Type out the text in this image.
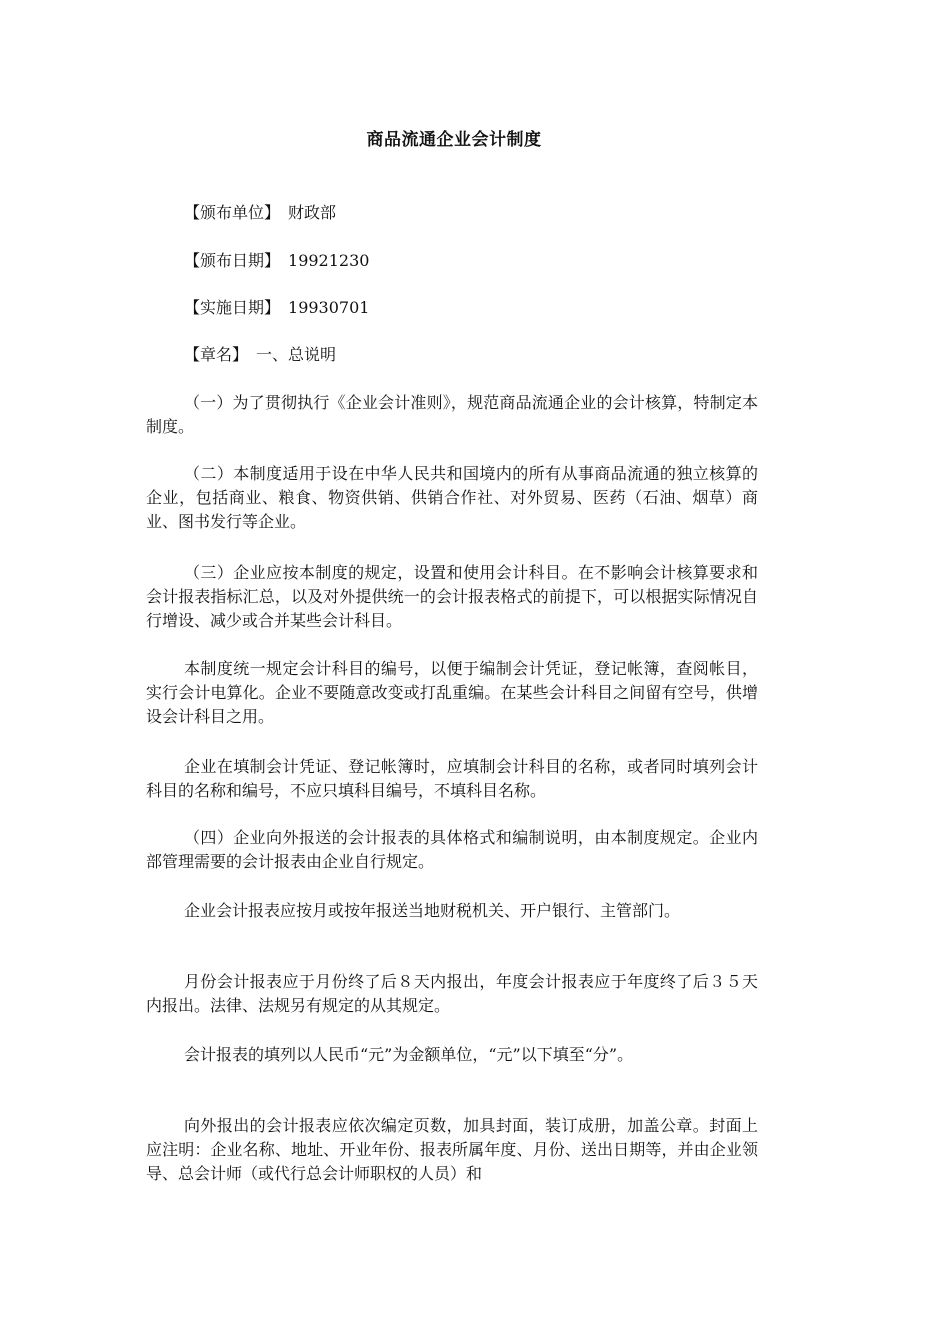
商品流通企业会计制度
【颁布单位】 财政部
【颁布日期】 19921230
【实施日期】 19930701
【章名】 一、总说明

（一）为了贯彻执行《企业会计准则》，规范商品流通企业的会计核算，特制定本制度。

（二）本制度适用于设在中华人民共和国境内的所有从事商品流通的独立核算的企业，包括商业、粮食、物资供销、供销合作社、对外贸易、医药（石油、烟草）商业、图书发行等企业。

（三）企业应按本制度的规定，设置和使用会计科目。在不影响会计核算要求和会计报表指标汇总，以及对外提供统一的会计报表格式的前提下，可以根据实际情况自行增设、减少或合并某些会计科目。

本制度统一规定会计科目的编号，以便于编制会计凭证，登记帐簿，查阅帐目，实行会计电算化。企业不要随意改变或打乱重编。在某些会计科目之间留有空号，供增设会计科目之用。

企业在填制会计凭证、登记帐簿时，应填制会计科目的名称，或者同时填列会计科目的名称和编号，不应只填科目编号，不填科目名称。

（四）企业向外报送的会计报表的具体格式和编制说明，由本制度规定。企业内部管理需要的会计报表由企业自行规定。

企业会计报表应按月或按年报送当地财税机关、开户银行、主管部门。

月份会计报表应于月份终了后８天内报出，年度会计报表应于年度终了后３５天内报出。法律、法规另有规定的从其规定。

会计报表的填列以人民币“元”为金额单位，“元”以下填至“分”。

向外报出的会计报表应依次编定页数，加具封面，装订成册，加盖公章。封面上应注明：企业名称、地址、开业年份、报表所属年度、月份、送出日期等，并由企业领导、总会计师（或代行总会计师职权的人员）和
